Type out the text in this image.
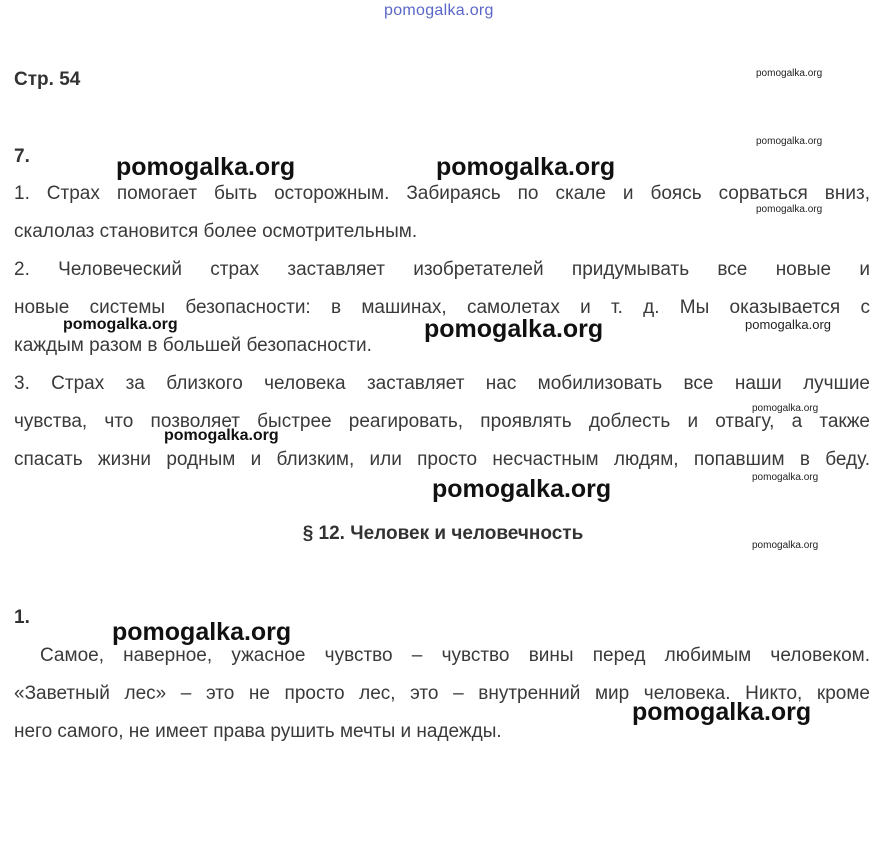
pomogalka.org
Стр. 54
7.
1. Страх помогает быть осторожным. Забираясь по скале и боясь сорваться вниз,
скалолаз становится более осмотрительным.
2. Человеческий страх заставляет изобретателей придумывать все новые и
новые системы безопасности: в машинах, самолетах и т. д. Мы оказывается с
каждым разом в большей безопасности.
3. Страх за близкого человека заставляет нас мобилизовать все наши лучшие
чувства, что позволяет быстрее реагировать, проявлять доблесть и отвагу, а также
спасать жизни родным и близким, или просто несчастным людям, попавшим в беду.
§ 12. Человек и человечность
1.
Самое, наверное, ужасное чувство – чувство вины перед любимым человеком.
«Заветный лес» – это не просто лес, это – внутренний мир человека. Никто, кроме
него самого, не имеет права рушить мечты и надежды.
pomogalka.org	pomogalka.org
pomogalka.org
pomogalka.org
pomogalka.org
pomogalka.org
pomogalka.org
pomogalka.org
pomogalka.org
pomogalka.org
pomogalka.org
pomogalka.org
pomogalka.org
pomogalka.org
pomogalka.org
